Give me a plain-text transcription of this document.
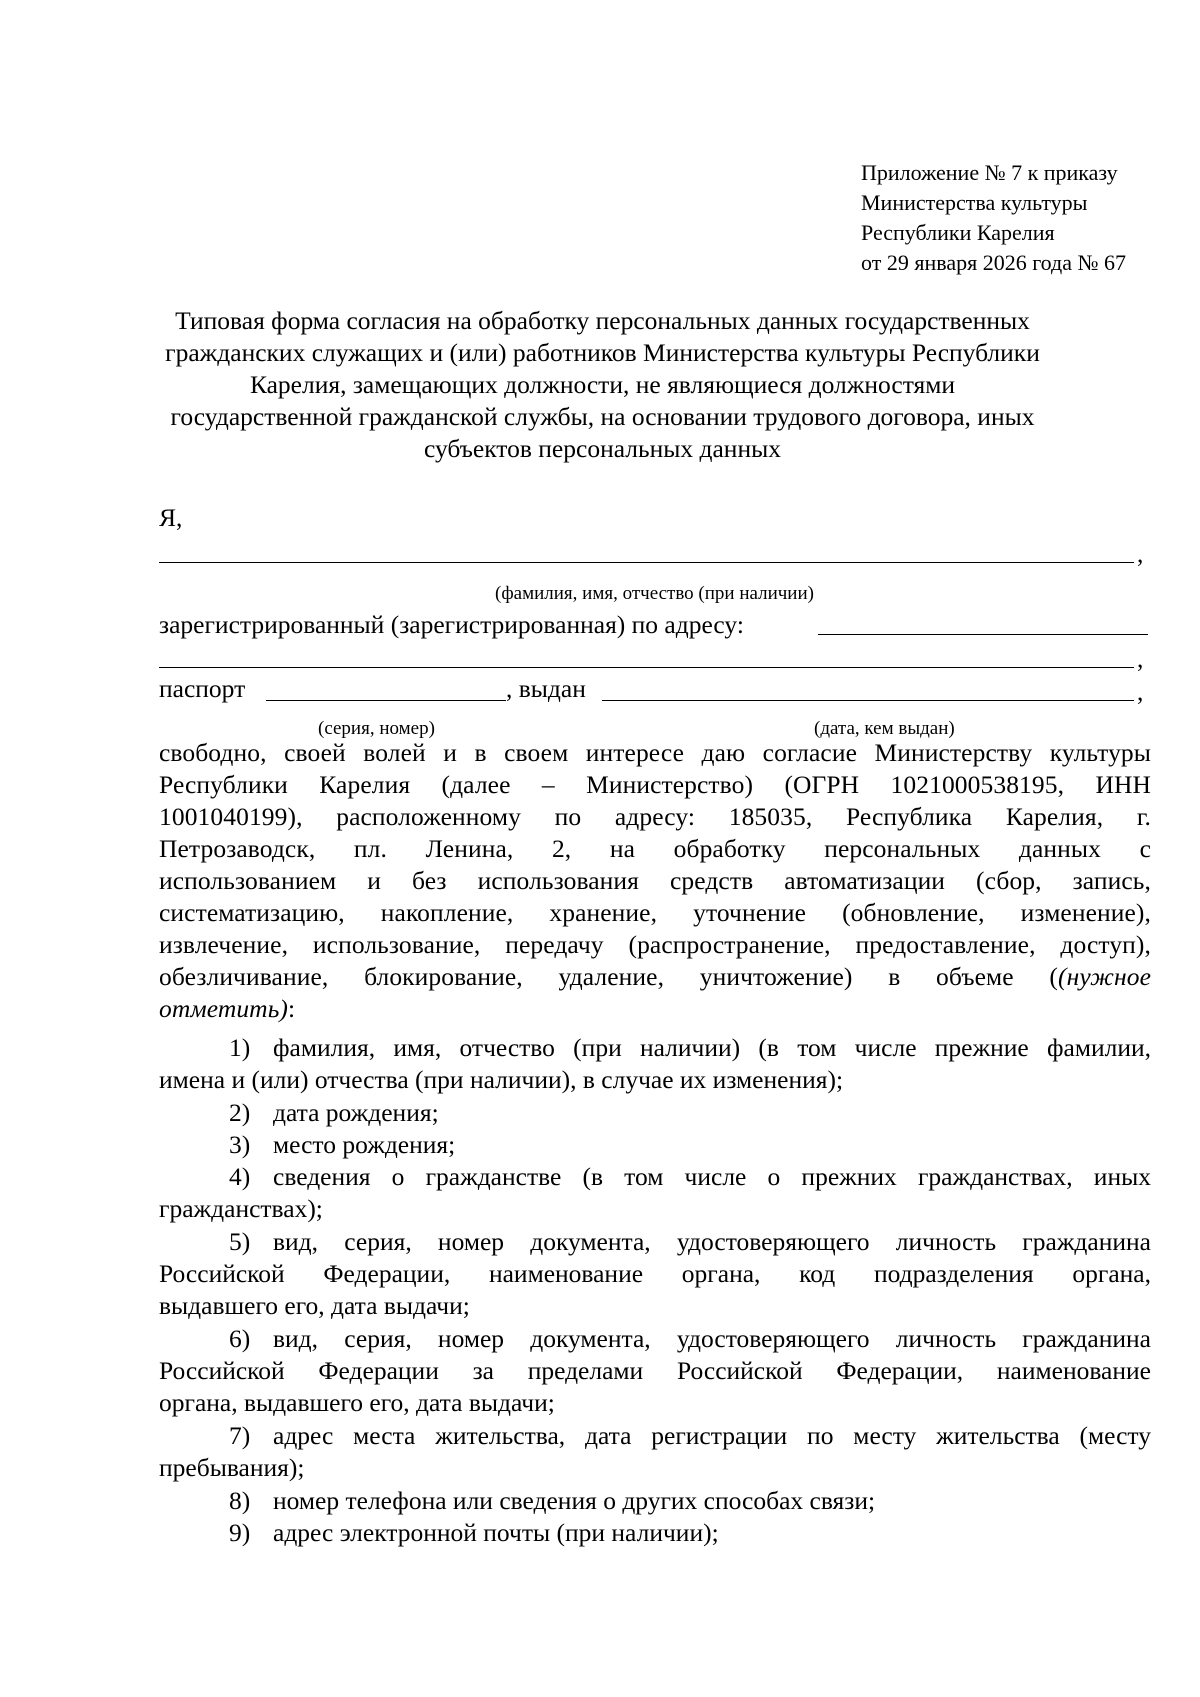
Приложение № 7 к приказу
Министерства культуры
Республики Карелия
от 29 января 2026 года № 67
Типовая форма согласия на обработку персональных данных государственных
гражданских служащих и (или) работников Министерства культуры Республики
Карелия, замещающих должности, не являющиеся должностями
государственной гражданской службы, на основании трудового договора, иных
субъектов персональных данных
Я,
,
(фамилия, имя, отчество (при наличии)
зарегистрированный (зарегистрированная) по адресу:
,
паспорт	, выдан	,
(серия, номер)	(дата, кем выдан)
свободно, своей волей и в своем интересе даю согласие Министерству культуры
Республики Карелия (далее – Министерство) (ОГРН 1021000538195, ИНН
1001040199), расположенному по адресу: 185035, Республика Карелия, г.
Петрозаводск, пл. Ленина, 2, на обработку персональных данных с
использованием и без использования средств автоматизации (сбор, запись,
систематизацию, накопление, хранение, уточнение (обновление, изменение),
извлечение, использование, передачу (распространение, предоставление, доступ),
обезличивание, блокирование, удаление, уничтожение) в объеме ((нужное
отметить):
1) фамилия, имя, отчество (при наличии) (в том числе прежние фамилии,
имена и (или) отчества (при наличии), в случае их изменения);
2) дата рождения;
3) место рождения;
4) сведения о гражданстве (в том числе о прежних гражданствах, иных
гражданствах);
5) вид, серия, номер документа, удостоверяющего личность гражданина
Российской Федерации, наименование органа, код подразделения органа,
выдавшего его, дата выдачи;
6) вид, серия, номер документа, удостоверяющего личность гражданина
Российской Федерации за пределами Российской Федерации, наименование
органа, выдавшего его, дата выдачи;
7) адрес места жительства, дата регистрации по месту жительства (месту
пребывания);
8) номер телефона или сведения о других способах связи;
9) адрес электронной почты (при наличии);
